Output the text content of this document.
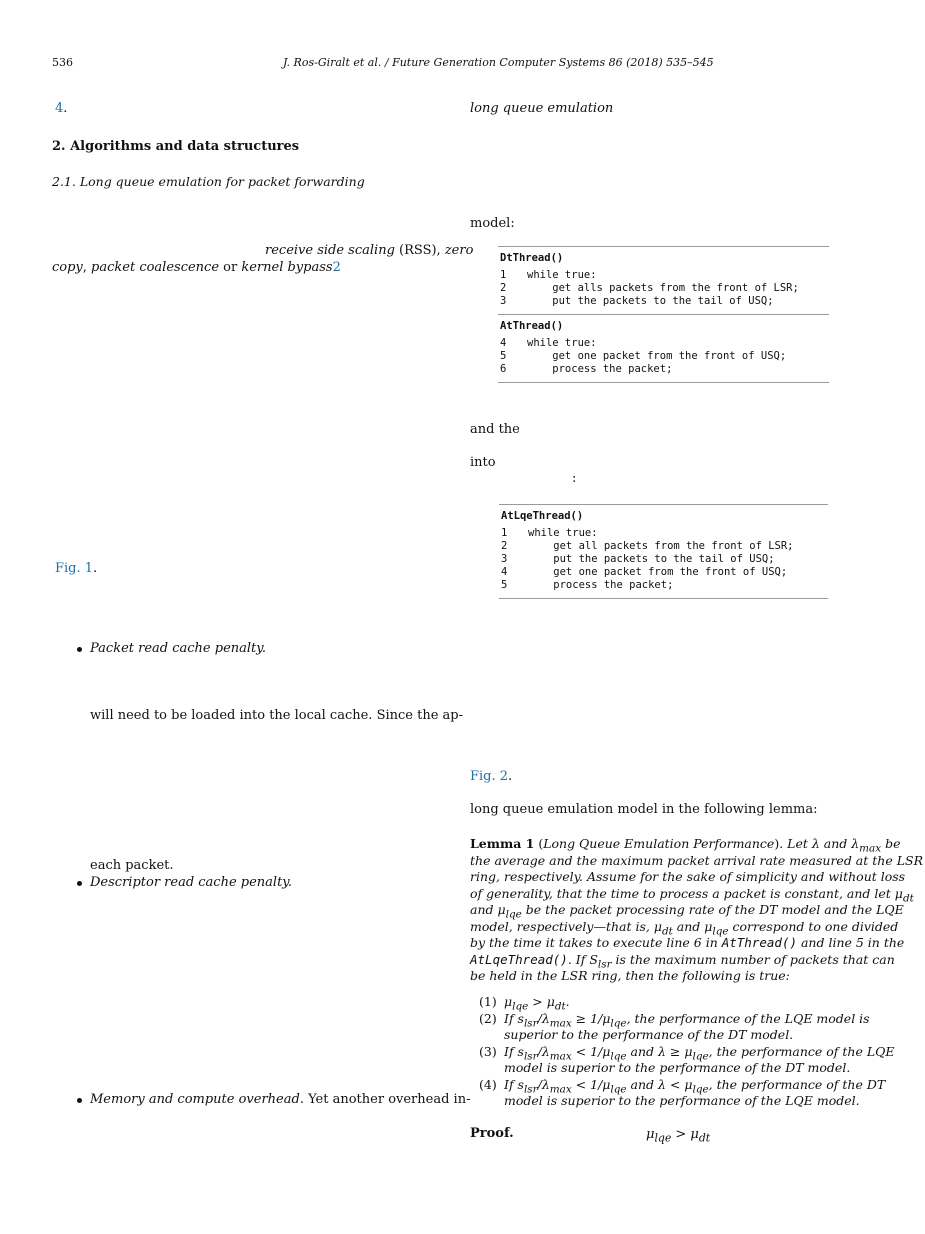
536	J. Ros-Giralt et al. / Future Generation Computer Systems 86 (2018) 535–545
4.
2. Algorithms and data structures
2.1. Long queue emulation for packet forwarding
receive side scaling (RSS), zero
copy, packet coalescence or kernel bypass2
Fig. 1.
Packet read cache penalty.
will need to be loaded into the local cache. Since the ap-
each packet.
Descriptor read cache penalty.
Memory and compute overhead. Yet another overhead in-
long queue emulation
model:
DtThread()
1 while true:
2    get alls packets from the front of LSR;
3    put the packets to the tail of USQ;
AtThread()
4 while true:
5    get one packet from the front of USQ;
6    process the packet;
and the
into
:
AtLqeThread()
1 while true:
2    get all packets from the front of LSR;
3    put the packets to the tail of USQ;
4    get one packet from the front of USQ;
5    process the packet;
Fig. 2.
long queue emulation model in the following lemma:
Lemma 1 (Long Queue Emulation Performance). Let λ and $\lambda_{max}$ be
the average and the maximum packet arrival rate measured at the LSR
ring, respectively. Assume for the sake of simplicity and without loss
of generality, that the time to process a packet is constant, and let $\mu_{dt}$
and $\mu_{lqe}$ be the packet processing rate of the DT model and the LQE
model, respectively—that is, $\mu_{dt}$ and $\mu_{lqe}$ correspond to one divided
by the time it takes to execute line 6 in AtThread() and line 5 in the
AtLqeThread(). If $S_{lsr}$ is the maximum number of packets that can
be held in the LSR ring, then the following is true:
(1) $\mu_{lqe} > \mu_{dt}$.
(2) If $s_{lsr}/\lambda_{max} \ge 1/\mu_{lqe}$, the performance of the LQE model is
superior to the performance of the DT model.
(3) If $s_{lsr}/\lambda_{max} < 1/\mu_{lqe}$ and $\lambda \ge \mu_{lqe}$, the performance of the LQE
model is superior to the performance of the DT model.
(4) If $s_{lsr}/\lambda_{max} < 1/\mu_{lqe}$ and $\lambda < \mu_{lqe}$, the performance of the DT
model is superior to the performance of the LQE model.
Proof.	$\mu_{lqe} > \mu_{dt}$
